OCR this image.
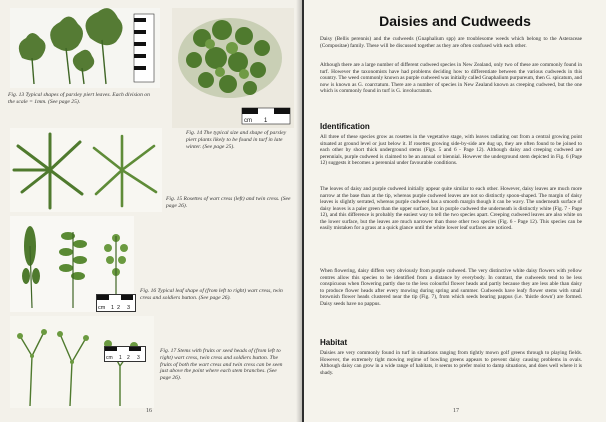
Fig. 13 Typical shapes of parsley piert leaves. Each division on the scale = 1mm. (See page 25).
cm 1
Fig. 14 The typical size and shape of parsley piert plants likely to be found in turf in late winter. (See page 25).
Fig. 15 Rosettes of wart cress (left) and twin cress. (See page 26).
cm 1 2 3
Fig. 16 Typical leaf shape of (from left to right) wart cress, twin cress and soldiers button. (See page 26).
cm 1 2 3
Fig. 17 Stems with fruits or seed heads of (from left to right) wart cress, twin cress and soldiers button. The fruits of both the wart cress and twin cress can be seen just above the point where each stem branches. (See page 26).
16
Daisies and Cudweeds
Daisy (Bellis perennis) and the cudweeds (Gnaphalium spp) are troublesome weeds which belong to the Asteraceae (Compositae) family. These will be discussed together as they are often confused with each other.
Although there are a large number of different cudweed species in New Zealand, only two of these are commonly found in turf. However the taxonomists have had problems deciding how to differentiate between the various cudweeds in this country. The weed commonly known as purple cudweed was initially called Gnaphalium purpureum, then G. spicatum, and now is known as G. coarctatum. There are a number of species in New Zealand known as creeping cudweed, but the one which is commonly found in turf is G. involucratum.
Identification
All three of these species grow as rosettes in the vegetative stage, with leaves radiating out from a central growing point situated at ground level or just below it. If rosettes growing side-by-side are dug up, they are often found to be joined to each other by short thick underground stems (Figs. 5 and 6 - Page 12). Although daisy and creeping cudweed are perennials, purple cudweed is claimed to be an annual or biennial. However the underground stem depicted in Fig. 6 (Page 12) suggests it becomes a perennial under favourable conditions.
The leaves of daisy and purple cudweed initially appear quite similar to each other. However, daisy leaves are much more narrow at the base than at the tip, whereas purple cudweed leaves are not so distinctly spoon-shaped. The margin of daisy leaves is slightly serrated, whereas purple cudweed has a smooth margin though it can be wavy. The underneath surface of daisy leaves is a paler green than the upper surface, but in purple cudweed the underneath is distinctly white (Fig. 7 - Page 12), and this difference is probably the easiest way to tell the two species apart. Creeping cudweed leaves are also white on the lower surface, but the leaves are much narrower than those other two species (Fig. 6 - Page 12). This species can be easily mistaken for a grass at a quick glance until the white lower leaf surfaces are noticed.
When flowering, daisy differs very obviously from purple cudweed. The very distinctive white daisy flowers with yellow centres allow this species to be identified from a distance by everybody. In contrast, the cudweeds tend to be less conspicuous when flowering partly due to the less colourful flower heads and partly because they are less able than daisy to produce flower heads after every mowing during spring and summer. Cudweeds have leafy flower stems with small brownish flower heads clustered near the tip (Fig. 7), from which seeds bearing pappus (i.e. 'thistle down') are formed. Daisy seeds have no pappus.
Habitat
Daisies are very commonly found in turf in situations ranging from tightly mown golf greens through to playing fields. However, the extremely tight mowing regime of bowling greens appears to prevent daisy causing problems in ovals. Although daisy can grow in a wide range of habitats, it seems to prefer moist to damp situations, and does well where it is shady.
17
